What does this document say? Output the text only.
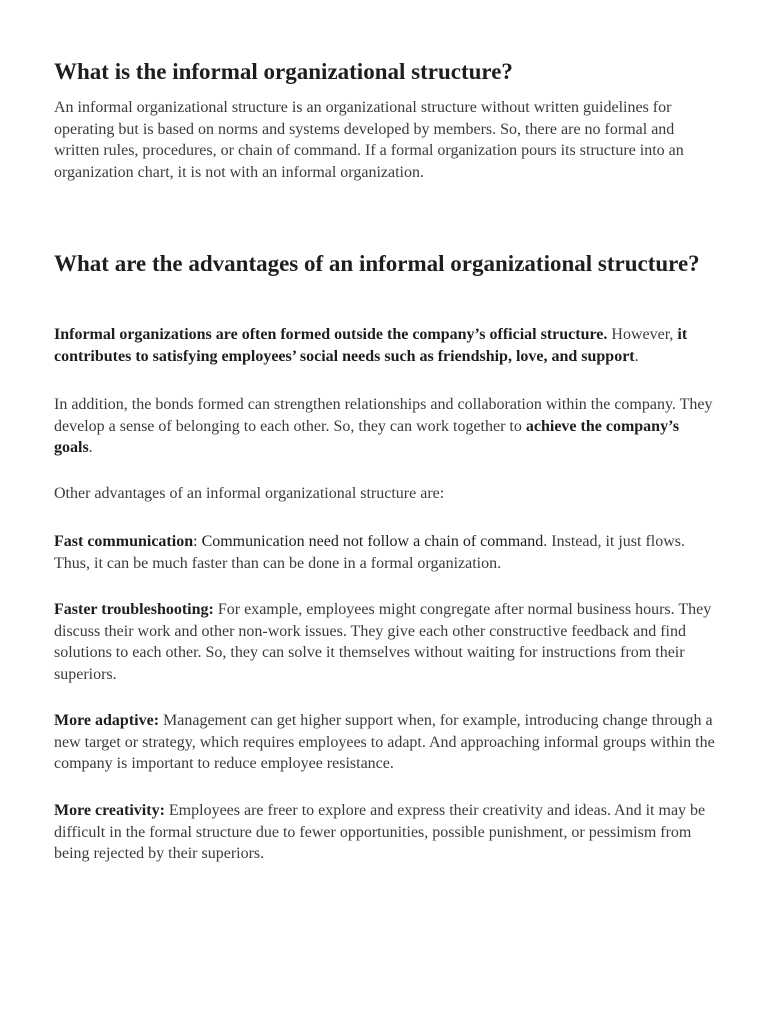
What is the informal organizational structure?

An informal organizational structure is an organizational structure without written guidelines for operating but is based on norms and systems developed by members. So, there are no formal and written rules, procedures, or chain of command. If a formal organization pours its structure into an organization chart, it is not with an informal organization.

What are the advantages of an informal organizational structure?

Informal organizations are often formed outside the company’s official structure. However, it contributes to satisfying employees’ social needs such as friendship, love, and support.

In addition, the bonds formed can strengthen relationships and collaboration within the company. They develop a sense of belonging to each other. So, they can work together to achieve the company’s goals.

Other advantages of an informal organizational structure are:

Fast communication: Communication need not follow a chain of command. Instead, it just flows. Thus, it can be much faster than can be done in a formal organization.

Faster troubleshooting: For example, employees might congregate after normal business hours. They discuss their work and other non-work issues. They give each other constructive feedback and find solutions to each other. So, they can solve it themselves without waiting for instructions from their superiors.

More adaptive: Management can get higher support when, for example, introducing change through a new target or strategy, which requires employees to adapt. And approaching informal groups within the company is important to reduce employee resistance.

More creativity: Employees are freer to explore and express their creativity and ideas. And it may be difficult in the formal structure due to fewer opportunities, possible punishment, or pessimism from being rejected by their superiors.
